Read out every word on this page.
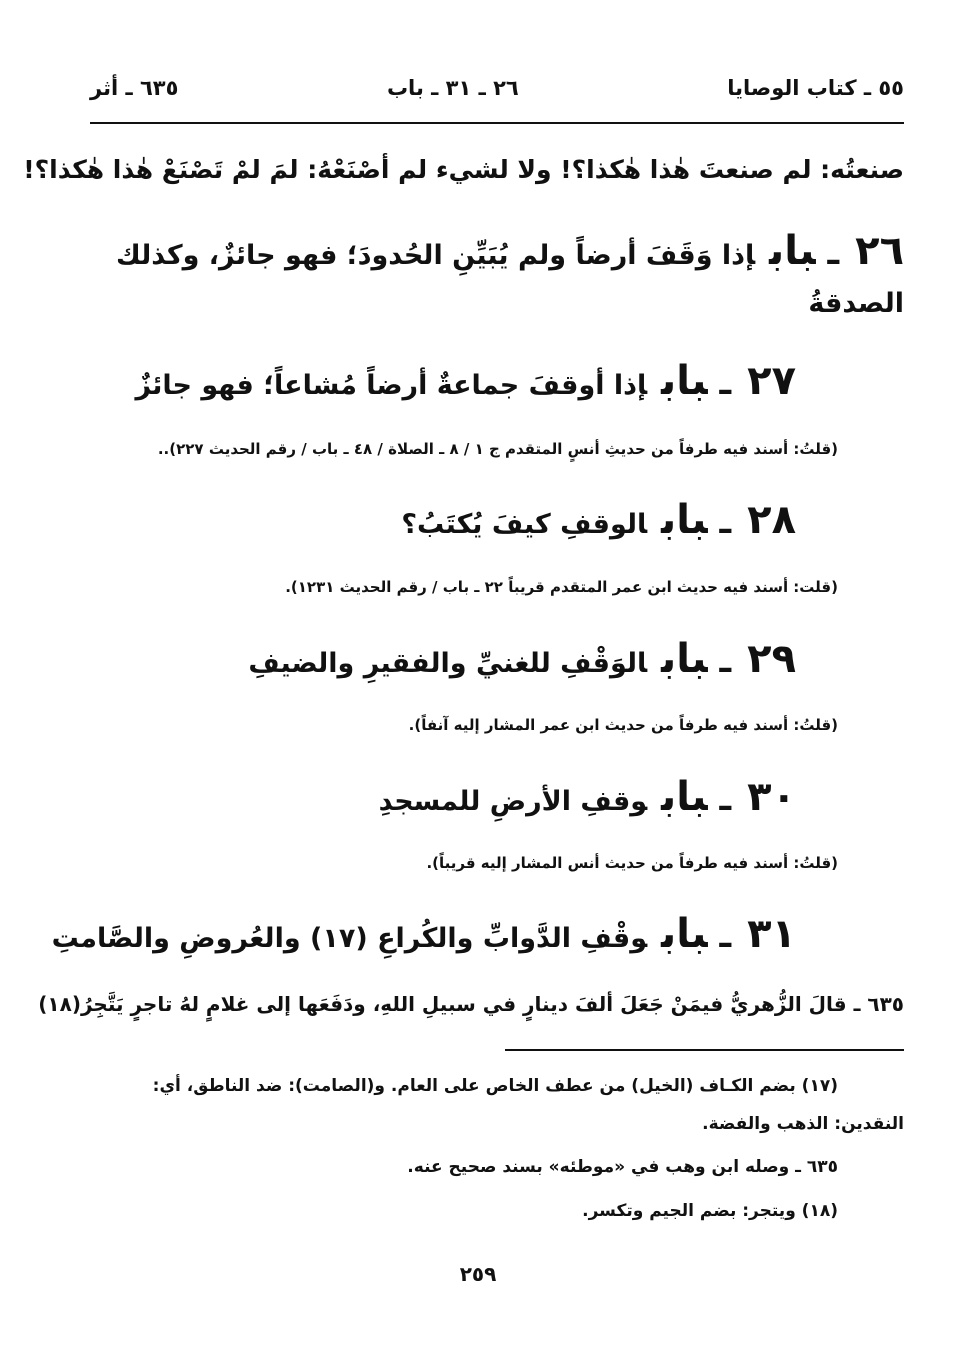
٥٥ ـ كتاب الوصايا
٢٦ ـ ٣١ ـ باب
٦٣٥ ـ أثر
صنعتُه: لم صنعتَ هٰذا هٰكذا؟! ولا لشيء لم أصْنَعْهُ: لمَ لمْ تَصْنَعْ هٰذا هٰكذا؟!
٢٦ـبابإذا وَقَفَ أرضاً ولم يُبَيِّنِ الحُدودَ؛ فهو جائزٌ، وكذلك
الصدقةُ
٢٧ـبابإذا أوقفَ جماعةٌ أرضاً مُشاعاً؛ فهو جائزٌ
(قلتُ: أسند فيه طرفاً من حديثِ أنسٍ المتقدم ج ١ / ٨ ـ الصلاة / ٤٨ ـ باب / رقم الحديث ٢٢٧)..
٢٨ـبابالوقفِ كيفَ يُكتَبُ؟
(قلت: أسند فيه حديث ابن عمر المتقدم قريباً ٢٢ ـ باب / رقم الحديث ١٢٣١).
٢٩ـبابالوَقْفِ للغنيِّ والفقيرِ والضيفِ
(قلتُ: أسند فيه طرفاً من حديث ابن عمر المشار إليه آنفاً).
٣٠ـبابوقفِ الأرضِ للمسجدِ
(قلتُ: أسند فيه طرفاً من حديث أنس المشار إليه قريباً).
٣١ـبابوقْفِ الدَّوابِّ والكُراعِ (١٧) والعُروضِ والصَّامتِ
٦٣٥ ـ قالَ الزُّهريُّ فيمَنْ جَعَلَ ألفَ دينارٍ في سبيلِ اللهِ، ودَفَعَها إلى غلامٍ لهُ تاجرٍ يَتَّجِرُ(١٨)
(١٧) بضم الكـاف (الخيل) من عطف الخاص على العام. و(الصامت): ضد الناطق، أي:
النقدين: الذهب والفضة.
٦٣٥ ـ وصله ابن وهب في «موطئه» بسند صحيح عنه.
(١٨) ويتجر: بضم الجيم وتكسر.
٢٥٩
